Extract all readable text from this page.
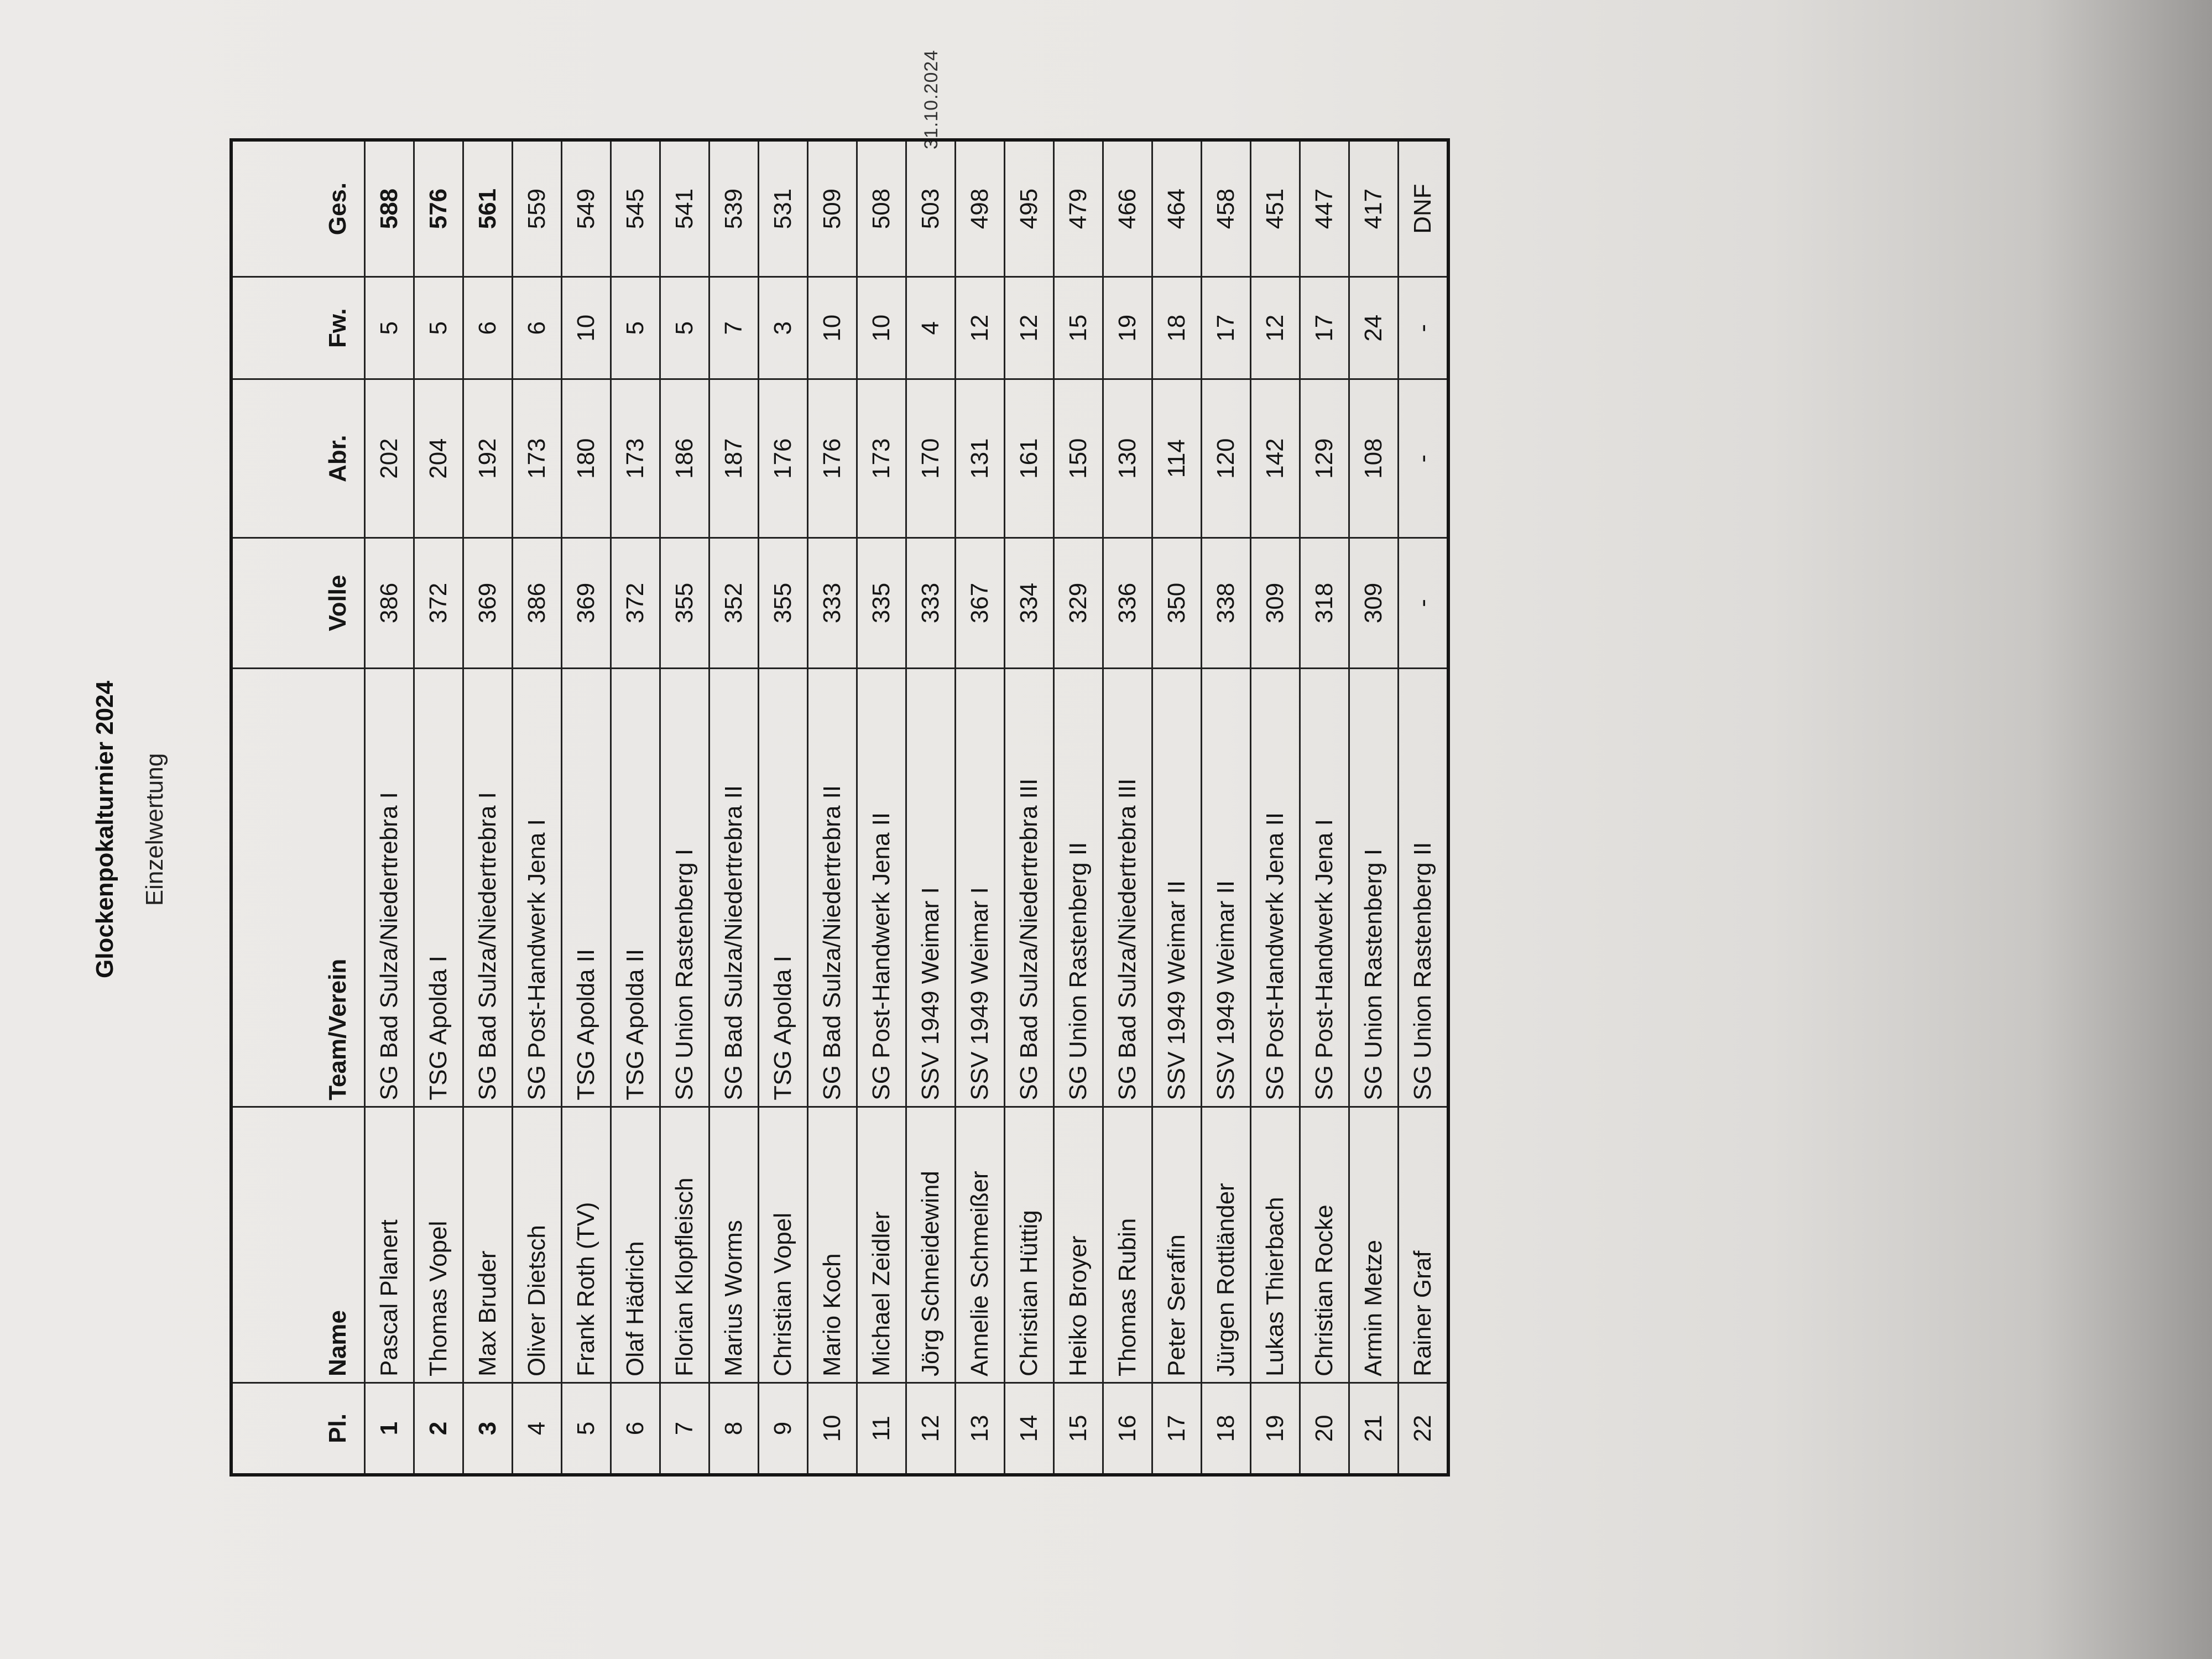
Glockenpokalturnier 2024 Einzelwertung
31.10.2024
Pl.	Name	Team/Verein	Volle	Abr.	Fw.	Ges.
1	Pascal Planert	SG Bad Sulza/Niedertrebra I	386	202	5	588
2	Thomas Vopel	TSG Apolda I	372	204	5	576
3	Max Bruder	SG Bad Sulza/Niedertrebra I	369	192	6	561
4	Oliver Dietsch	SG Post-Handwerk Jena I	386	173	6	559
5	Frank Roth (TV)	TSG Apolda II	369	180	10	549
6	Olaf Hädrich	TSG Apolda II	372	173	5	545
7	Florian Klopfleisch	SG Union Rastenberg I	355	186	5	541
8	Marius Worms	SG Bad Sulza/Niedertrebra II	352	187	7	539
9	Christian Vopel	TSG Apolda I	355	176	3	531
10	Mario Koch	SG Bad Sulza/Niedertrebra II	333	176	10	509
11	Michael Zeidler	SG Post-Handwerk Jena II	335	173	10	508
12	Jörg Schneidewind	SSV 1949 Weimar I	333	170	4	503
13	Annelie Schmeißer	SSV 1949 Weimar I	367	131	12	498
14	Christian Hüttig	SG Bad Sulza/Niedertrebra III	334	161	12	495
15	Heiko Broyer	SG Union Rastenberg II	329	150	15	479
16	Thomas Rubin	SG Bad Sulza/Niedertrebra III	336	130	19	466
17	Peter Serafin	SSV 1949 Weimar II	350	114	18	464
18	Jürgen Rottländer	SSV 1949 Weimar II	338	120	17	458
19	Lukas Thierbach	SG Post-Handwerk Jena II	309	142	12	451
20	Christian Rocke	SG Post-Handwerk Jena I	318	129	17	447
21	Armin Metze	SG Union Rastenberg I	309	108	24	417
22	Rainer Graf	SG Union Rastenberg II	-	-	-	DNF
